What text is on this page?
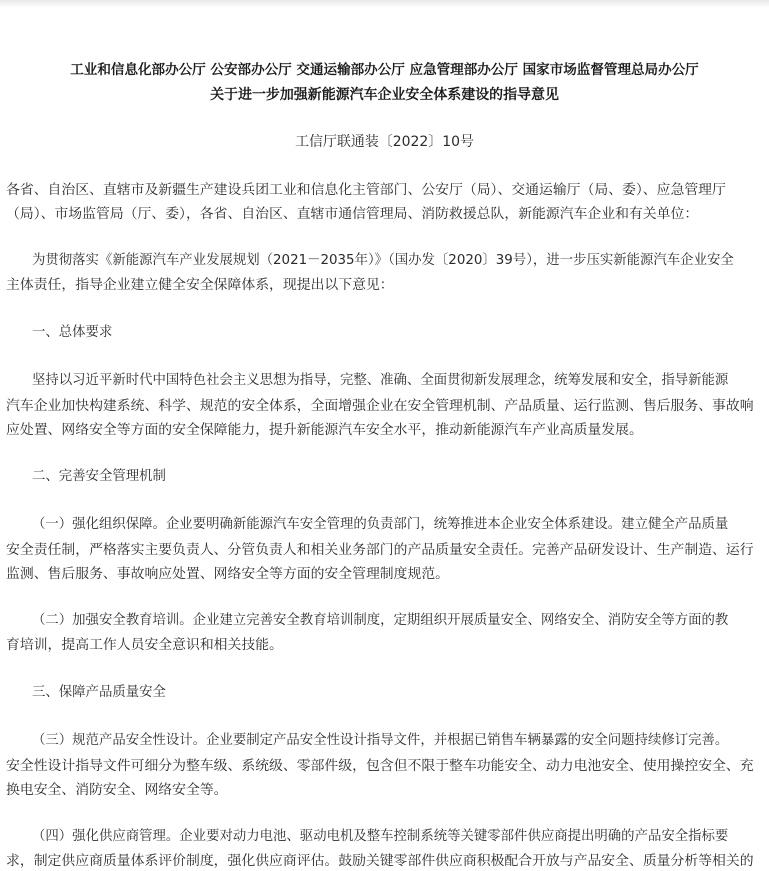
工业和信息化部办公厅 公安部办公厅 交通运输部办公厅 应急管理部办公厅 国家市场监督管理总局办公厅
关于进一步加强新能源汽车企业安全体系建设的指导意见
工信厅联通装〔2022〕10号
各省、自治区、直辖市及新疆生产建设兵团工业和信息化主管部门、公安厅（局）、交通运输厅（局、委）、应急管理厅
（局）、市场监管局（厅、委），各省、自治区、直辖市通信管理局、消防救援总队，新能源汽车企业和有关单位：
为贯彻落实《新能源汽车产业发展规划（2021－2035年）》（国办发〔2020〕39号），进一步压实新能源汽车企业安全
主体责任，指导企业建立健全安全保障体系，现提出以下意见：
一、总体要求
坚持以习近平新时代中国特色社会主义思想为指导，完整、准确、全面贯彻新发展理念，统筹发展和安全，指导新能源
汽车企业加快构建系统、科学、规范的安全体系，全面增强企业在安全管理机制、产品质量、运行监测、售后服务、事故响
应处置、网络安全等方面的安全保障能力，提升新能源汽车安全水平，推动新能源汽车产业高质量发展。
二、完善安全管理机制
（一）强化组织保障。企业要明确新能源汽车安全管理的负责部门，统筹推进本企业安全体系建设。建立健全产品质量
安全责任制，严格落实主要负责人、分管负责人和相关业务部门的产品质量安全责任。完善产品研发设计、生产制造、运行
监测、售后服务、事故响应处置、网络安全等方面的安全管理制度规范。
（二）加强安全教育培训。企业建立完善安全教育培训制度，定期组织开展质量安全、网络安全、消防安全等方面的教
育培训，提高工作人员安全意识和相关技能。
三、保障产品质量安全
（三）规范产品安全性设计。企业要制定产品安全性设计指导文件，并根据已销售车辆暴露的安全问题持续修订完善。
安全性设计指导文件可细分为整车级、系统级、零部件级，包含但不限于整车功能安全、动力电池安全、使用操控安全、充
换电安全、消防安全、网络安全等。
（四）强化供应商管理。企业要对动力电池、驱动电机及整车控制系统等关键零部件供应商提出明确的产品安全指标要
求，制定供应商质量体系评价制度，强化供应商评估。鼓励关键零部件供应商积极配合开放与产品安全、质量分析等相关的
